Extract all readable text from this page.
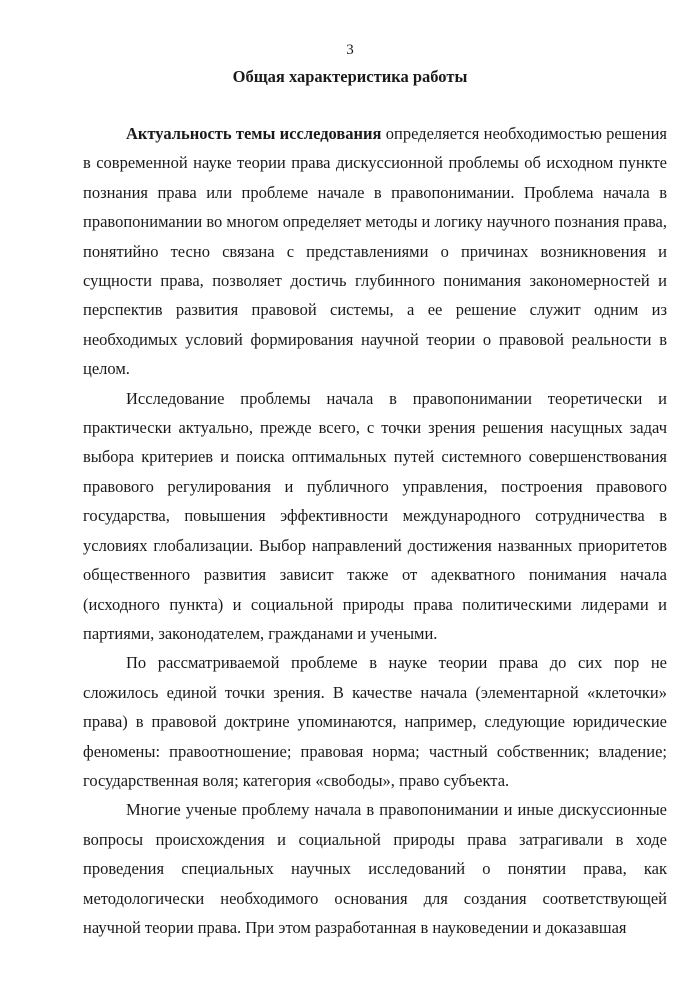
3
Общая характеристика работы

Актуальность темы исследования определяется необходимостью решения в современной науке теории права дискуссионной проблемы об исходном пункте познания права или проблеме начале в правопонимании. Проблема начала в правопонимании во многом определяет методы и логику научного познания права, понятийно тесно связана с представлениями о причинах возникновения и сущности права, позволяет достичь глубинного понимания закономерностей и перспектив развития правовой системы, а ее решение служит одним из необходимых условий формирования научной теории о правовой реальности в целом.

Исследование проблемы начала в правопонимании теоретически и практически актуально, прежде всего, с точки зрения решения насущных задач выбора критериев и поиска оптимальных путей системного совершенствования правового регулирования и публичного управления, построения правового государства, повышения эффективности международного сотрудничества в условиях глобализации. Выбор направлений достижения названных приоритетов общественного развития зависит также от адекватного понимания начала (исходного пункта) и социальной природы права политическими лидерами и партиями, законодателем, гражданами и учеными.

По рассматриваемой проблеме в науке теории права до сих пор не сложилось единой точки зрения. В качестве начала (элементарной «клеточки» права) в правовой доктрине упоминаются, например, следующие юридические феномены: правоотношение; правовая норма; частный собственник; владение; государственная воля; категория «свободы», право субъекта.

Многие ученые проблему начала в правопонимании и иные дискуссионные вопросы происхождения и социальной природы права затрагивали в ходе проведения специальных научных исследований о понятии права, как методологически необходимого основания для создания соответствующей научной теории права. При этом разработанная в науковедении и доказавшая
